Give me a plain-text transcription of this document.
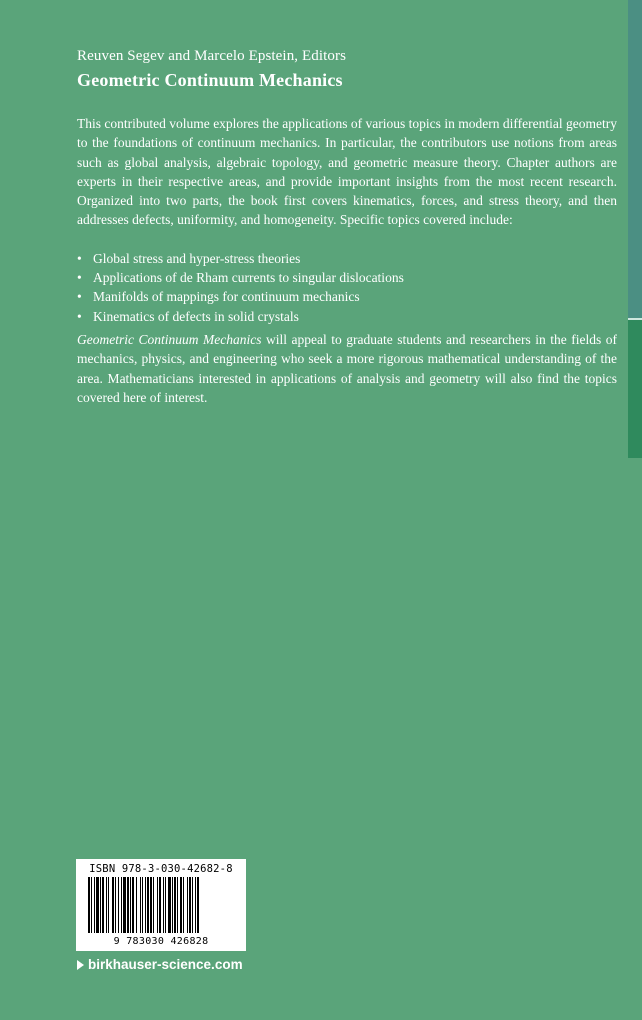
Reuven Segev and Marcelo Epstein, Editors
Geometric Continuum Mechanics

This contributed volume explores the applications of various topics in modern differential geometry to the foundations of continuum mechanics. In particular, the contributors use notions from areas such as global analysis, algebraic topology, and geometric measure theory. Chapter authors are experts in their respective areas, and provide important insights from the most recent research. Organized into two parts, the book first covers kinematics, forces, and stress theory, and then addresses defects, uniformity, and homogeneity. Specific topics covered include:

• Global stress and hyper-stress theories
• Applications of de Rham currents to singular dislocations
• Manifolds of mappings for continuum mechanics
• Kinematics of defects in solid crystals

Geometric Continuum Mechanics will appeal to graduate students and researchers in the fields of mechanics, physics, and engineering who seek a more rigorous mathematical understanding of the area. Mathematicians interested in applications of analysis and geometry will also find the topics covered here of interest.

ISBN 978-3-030-42682-8
9 783030 426828
birkhauser-science.com
